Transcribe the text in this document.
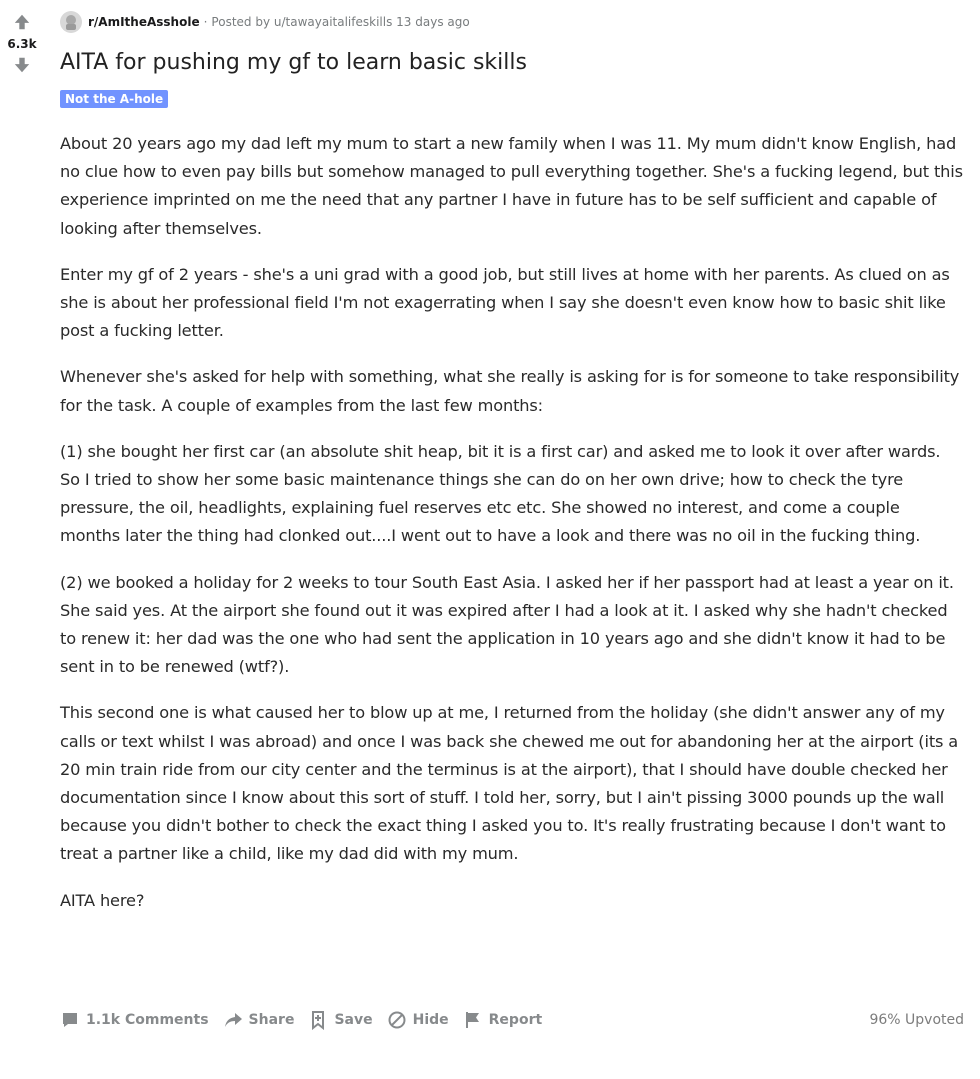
6.3k
r/AmItheAsshole · Posted by u/tawayaitalifeskills 13 days ago
AITA for pushing my gf to learn basic skills
Not the A-hole

About 20 years ago my dad left my mum to start a new family when I was 11. My mum didn't know English, had no clue how to even pay bills but somehow managed to pull everything together. She's a fucking legend, but this experience imprinted on me the need that any partner I have in future has to be self sufficient and capable of looking after themselves.

Enter my gf of 2 years - she's a uni grad with a good job, but still lives at home with her parents. As clued on as she is about her professional field I'm not exagerrating when I say she doesn't even know how to basic shit like post a fucking letter.

Whenever she's asked for help with something, what she really is asking for is for someone to take responsibility for the task. A couple of examples from the last few months:

(1) she bought her first car (an absolute shit heap, bit it is a first car) and asked me to look it over after wards. So I tried to show her some basic maintenance things she can do on her own drive; how to check the tyre pressure, the oil, headlights, explaining fuel reserves etc etc. She showed no interest, and come a couple months later the thing had clonked out....I went out to have a look and there was no oil in the fucking thing.

(2) we booked a holiday for 2 weeks to tour South East Asia. I asked her if her passport had at least a year on it. She said yes. At the airport she found out it was expired after I had a look at it. I asked why she hadn't checked to renew it: her dad was the one who had sent the application in 10 years ago and she didn't know it had to be sent in to be renewed (wtf?).

This second one is what caused her to blow up at me, I returned from the holiday (she didn't answer any of my calls or text whilst I was abroad) and once I was back she chewed me out for abandoning her at the airport (its a 20 min train ride from our city center and the terminus is at the airport), that I should have double checked her documentation since I know about this sort of stuff. I told her, sorry, but I ain't pissing 3000 pounds up the wall because you didn't bother to check the exact thing I asked you to. It's really frustrating because I don't want to treat a partner like a child, like my dad did with my mum.

AITA here?

1.1k Comments	Share	Save	Hide	Report	96% Upvoted
